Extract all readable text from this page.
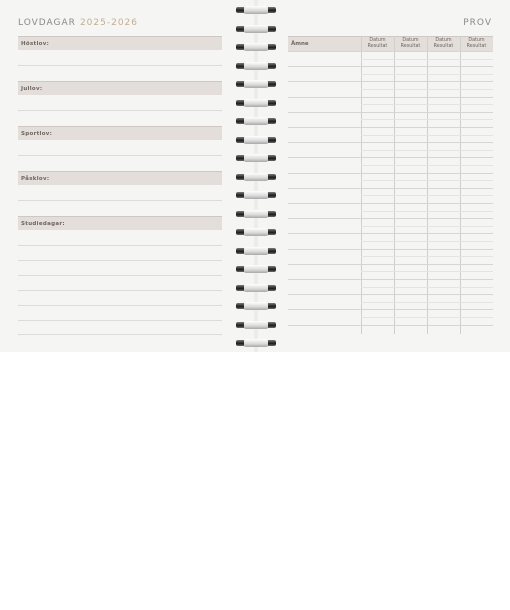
LOVDAGAR 2025-2026
Höstlov:
Jullov:
Sportlov:
Påsklov:
Studiedagar:
PROV
Ämne
Datum
Resultat
Datum
Resultat
Datum
Resultat
Datum
Resultat
